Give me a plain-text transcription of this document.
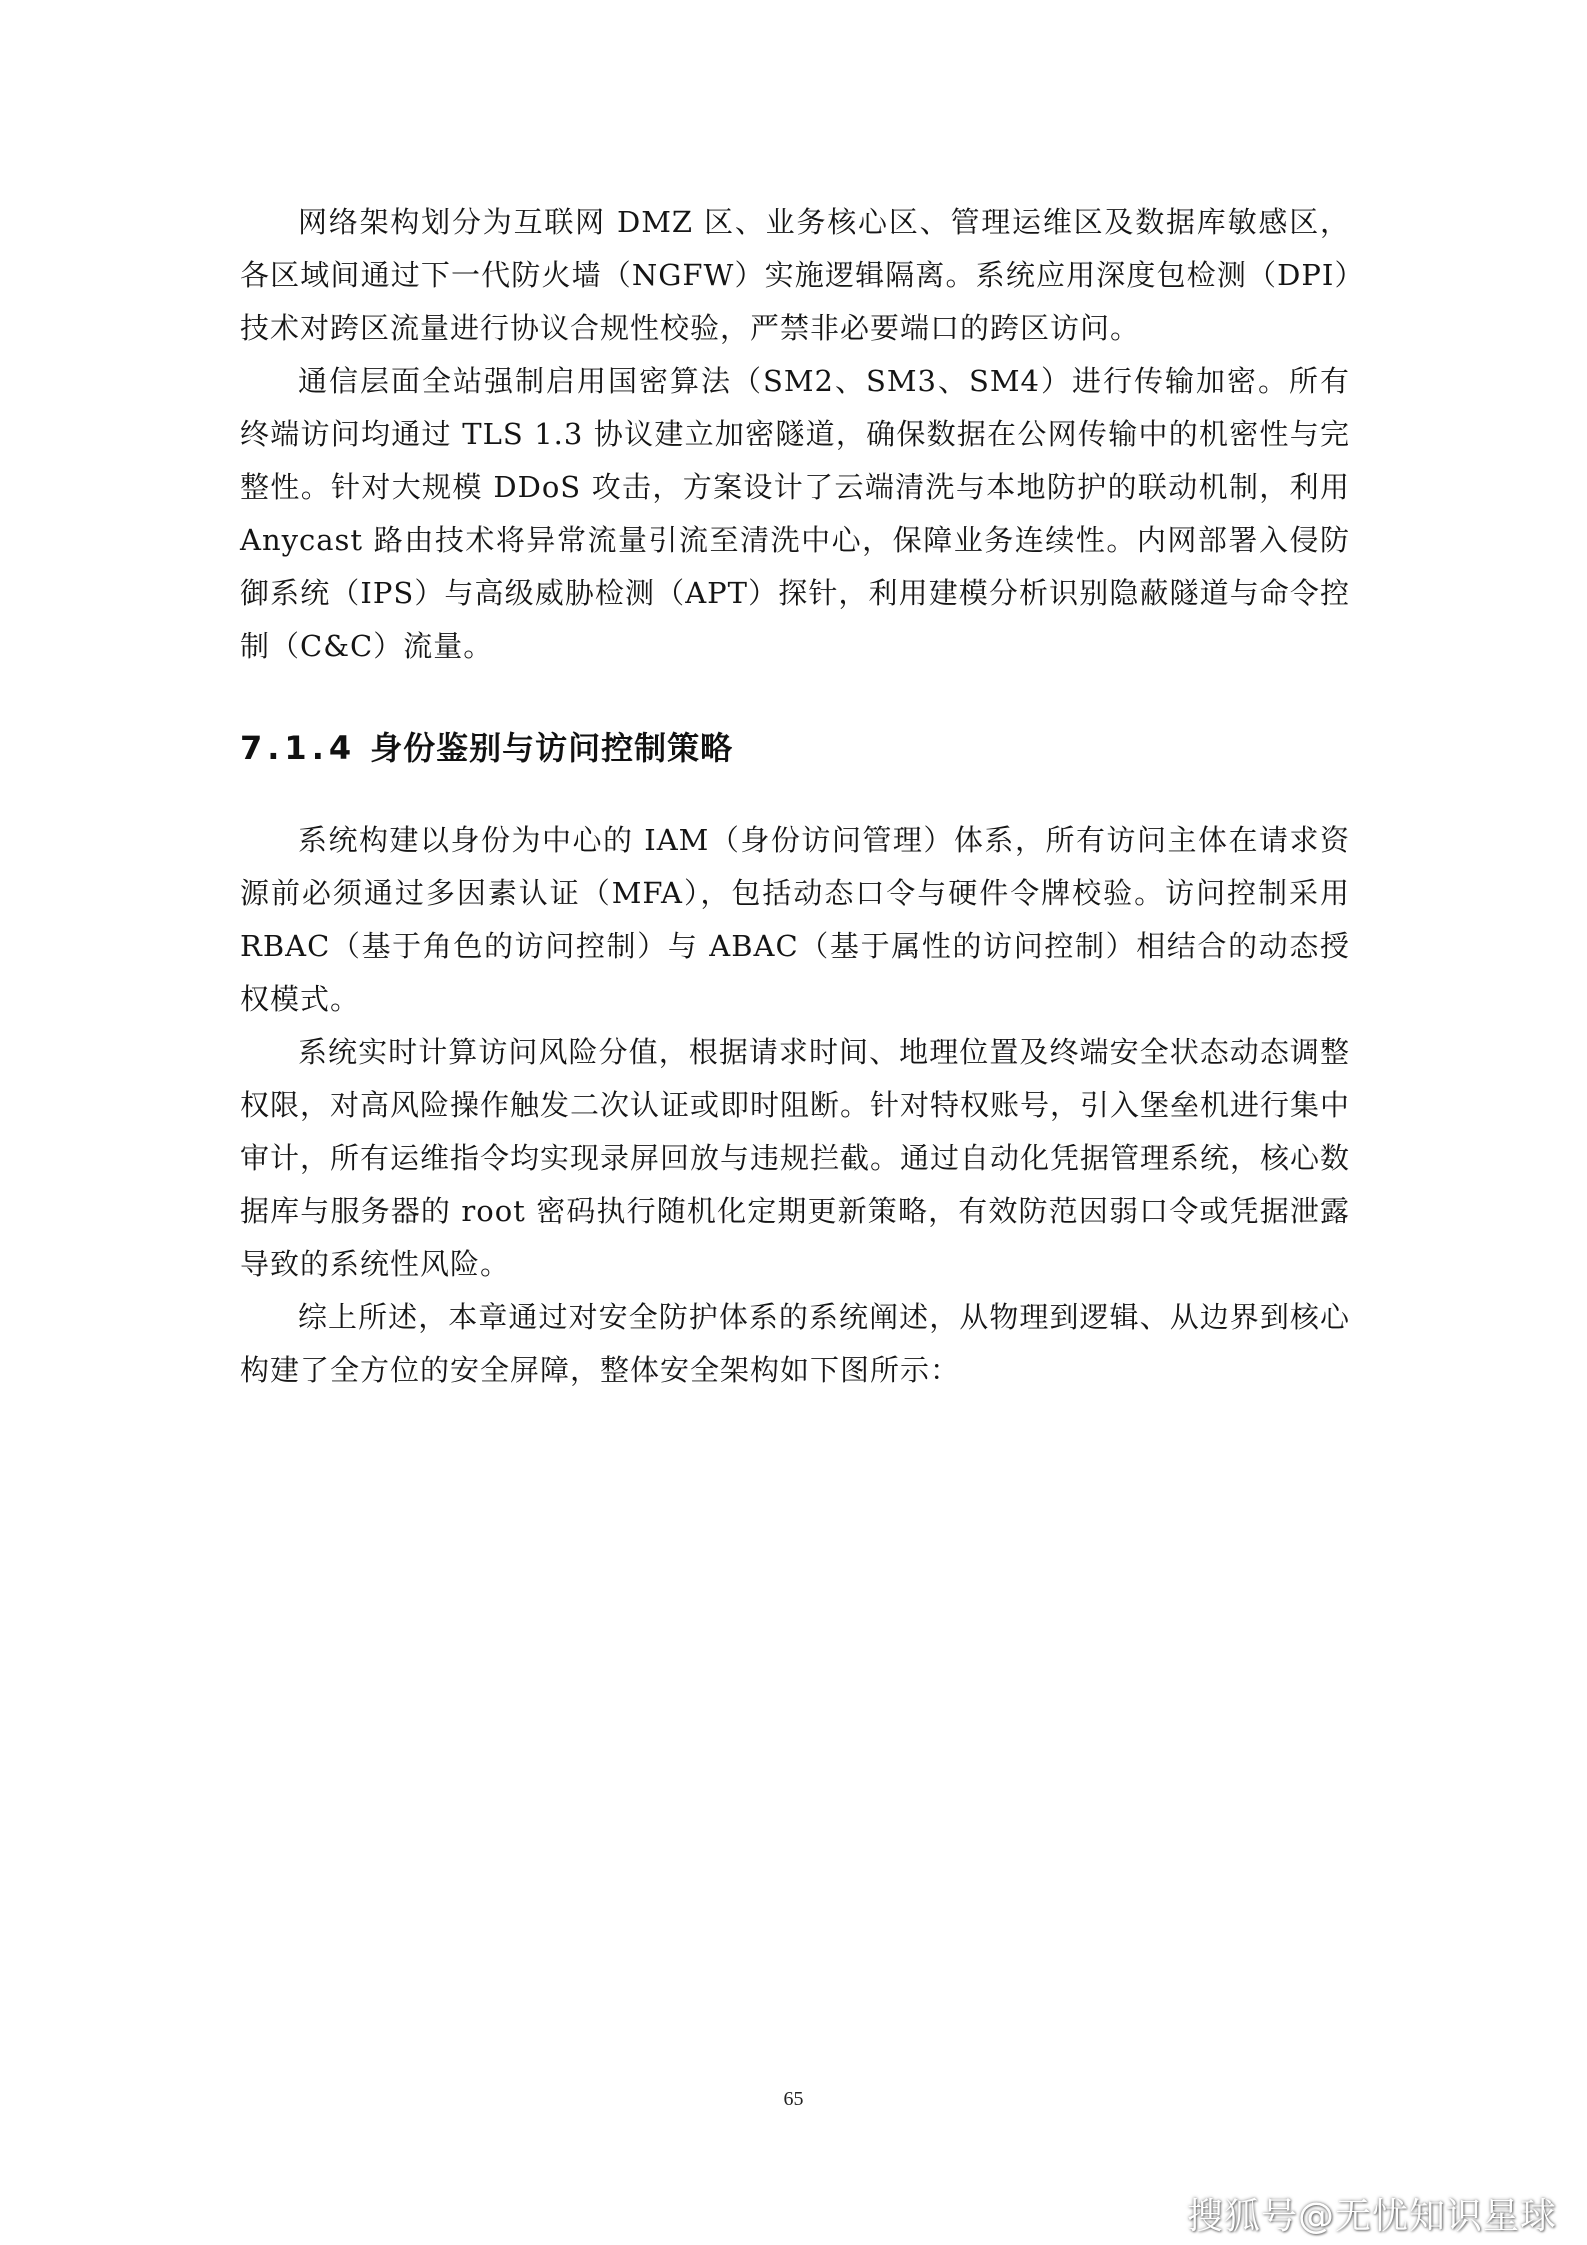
网络架构划分为互联网 DMZ 区、业务核心区、管理运维区及数据库敏感区，各区域间通过下一代防火墙（NGFW）实施逻辑隔离。系统应用深度包检测（DPI）技术对跨区流量进行协议合规性校验，严禁非必要端口的跨区访问。

通信层面全站强制启用国密算法（SM2、SM3、SM4）进行传输加密。所有终端访问均通过 TLS 1.3 协议建立加密隧道，确保数据在公网传输中的机密性与完整性。针对大规模 DDoS 攻击，方案设计了云端清洗与本地防护的联动机制，利用 Anycast 路由技术将异常流量引流至清洗中心，保障业务连续性。内网部署入侵防御系统（IPS）与高级威胁检测（APT）探针，利用建模分析识别隐蔽隧道与命令控制（C&C）流量。

7.1.4 身份鉴别与访问控制策略

系统构建以身份为中心的 IAM（身份访问管理）体系，所有访问主体在请求资源前必须通过多因素认证（MFA），包括动态口令与硬件令牌校验。访问控制采用 RBAC（基于角色的访问控制）与 ABAC（基于属性的访问控制）相结合的动态授权模式。

系统实时计算访问风险分值，根据请求时间、地理位置及终端安全状态动态调整权限，对高风险操作触发二次认证或即时阻断。针对特权账号，引入堡垒机进行集中审计，所有运维指令均实现录屏回放与违规拦截。通过自动化凭据管理系统，核心数据库与服务器的 root 密码执行随机化定期更新策略，有效防范因弱口令或凭据泄露导致的系统性风险。

综上所述，本章通过对安全防护体系的系统阐述，从物理到逻辑、从边界到核心构建了全方位的安全屏障，整体安全架构如下图所示：

65
搜狐号@无忧知识星球
